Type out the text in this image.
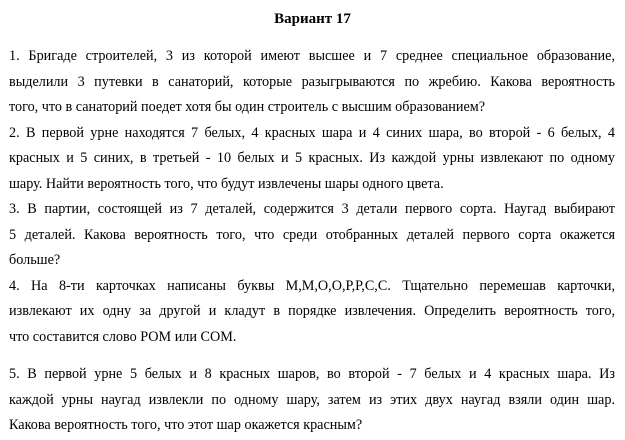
Вариант 17
1. Бригаде строителей, 3 из которой имеют высшее и 7 среднее специальное образование,
выделили 3 путевки в санаторий, которые разыгрываются по жребию. Какова вероятность
того, что в санаторий поедет хотя бы один строитель с высшим образованием?
2. В первой урне находятся 7 белых, 4 красных шара и 4 синих шара, во второй - 6 белых, 4
красных и 5 синих, в третьей - 10 белых и 5 красных. Из каждой урны извлекают по одному
шару. Найти вероятность того, что будут извлечены шары одного цвета.
3. В партии, состоящей из 7 деталей, содержится 3 детали первого сорта. Наугад выбирают
5 деталей. Какова вероятность того, что среди отобранных деталей первого сорта окажется
больше?
4. На 8-ти карточках написаны буквы М,М,О,О,Р,Р,С,С. Тщательно перемешав карточки,
извлекают их одну за другой и кладут в порядке извлечения. Определить вероятность того,
что составится слово РОМ или СОМ.
5. В первой урне 5 белых и 8 красных шаров, во второй - 7 белых и 4 красных шара. Из
каждой урны наугад извлекли по одному шару, затем из этих двух наугад взяли один шар.
Какова вероятность того, что этот шар окажется красным?
